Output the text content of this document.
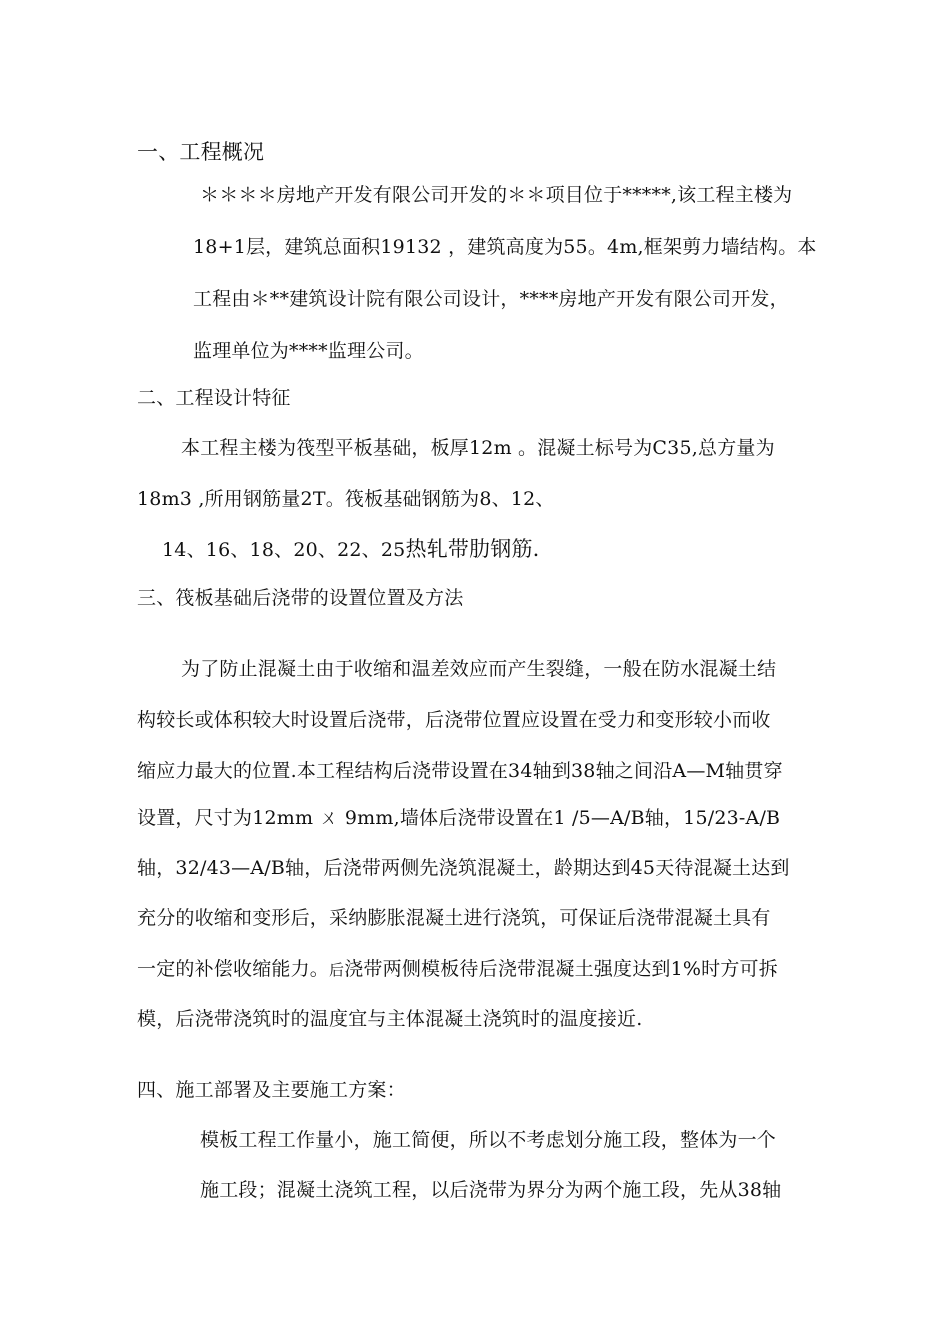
一、工程概况
＊＊＊＊房地产开发有限公司开发的＊＊项目位于*****,该工程主楼为
18+1层，建筑总面积19132 ，建筑高度为55。4m,框架剪力墙结构。本
工程由＊**建筑设计院有限公司设计，****房地产开发有限公司开发，
监理单位为****监理公司。
二、工程设计特征
本工程主楼为筏型平板基础，板厚12m 。混凝土标号为C35,总方量为
18m3 ,所用钢筋量2T。筏板基础钢筋为8、12、
14、16、18、20、22、25热轧带肋钢筋.
三、筏板基础后浇带的设置位置及方法
为了防止混凝土由于收缩和温差效应而产生裂缝，一般在防水混凝土结
构较长或体积较大时设置后浇带，后浇带位置应设置在受力和变形较小而收
缩应力最大的位置.本工程结构后浇带设置在34轴到38轴之间沿A—M轴贯穿
设置，尺寸为12mm ㄨ 9mm,墙体后浇带设置在1 /5—A/B轴，15/23-A/B
轴，32/43—A/B轴，后浇带两侧先浇筑混凝土，龄期达到45天待混凝土达到
充分的收缩和变形后，采纳膨胀混凝土进行浇筑，可保证后浇带混凝土具有
一定的补偿收缩能力。后浇带两侧模板待后浇带混凝土强度达到1%时方可拆
模，后浇带浇筑时的温度宜与主体混凝土浇筑时的温度接近.
四、施工部署及主要施工方案：
模板工程工作量小，施工简便，所以不考虑划分施工段，整体为一个
施工段；混凝土浇筑工程，以后浇带为界分为两个施工段，先从38轴
